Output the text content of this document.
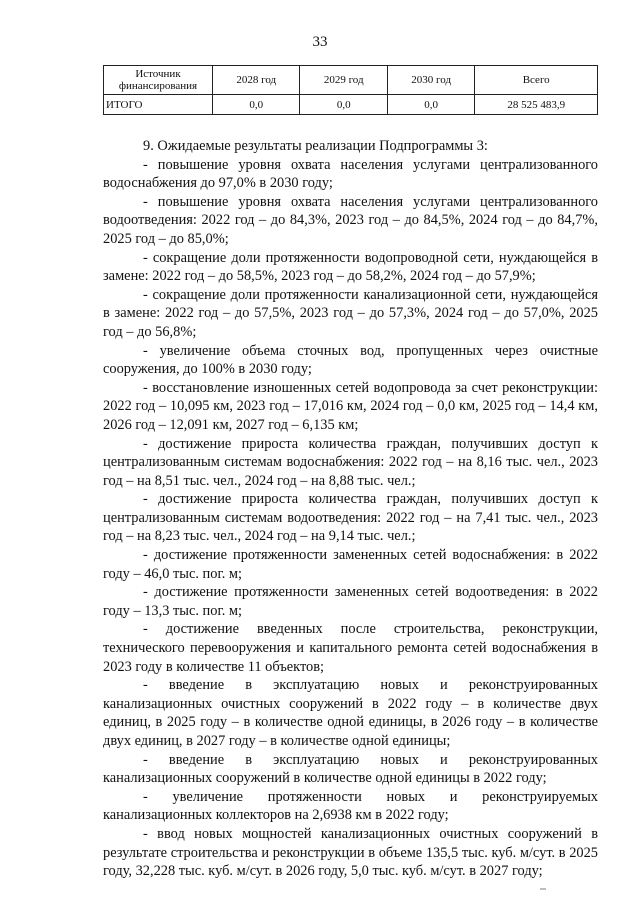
33
Источник финансирования	2028 год	2029 год	2030 год	Всего
ИТОГО	0,0	0,0	0,0	28 525 483,9

9. Ожидаемые результаты реализации Подпрограммы 3:

- повышение уровня охвата населения услугами централизованного водоснабжения до 97,0% в 2030 году;

- повышение уровня охвата населения услугами централизованного водоотведения: 2022 год – до 84,3%, 2023 год – до 84,5%, 2024 год – до 84,7%, 2025 год – до 85,0%;

- сокращение доли протяженности водопроводной сети, нуждающейся в замене: 2022 год – до 58,5%, 2023 год – до 58,2%, 2024 год – до 57,9%;

- сокращение доли протяженности канализационной сети, нуждающейся в замене: 2022 год – до 57,5%, 2023 год – до 57,3%, 2024 год – до 57,0%, 2025 год – до 56,8%;

- увеличение объема сточных вод, пропущенных через очистные сооружения, до 100% в 2030 году;

- восстановление изношенных сетей водопровода за счет реконструкции: 2022 год – 10,095 км, 2023 год – 17,016 км, 2024 год – 0,0 км, 2025 год – 14,4 км, 2026 год – 12,091 км, 2027 год – 6,135 км;

- достижение прироста количества граждан, получивших доступ к централизованным системам водоснабжения: 2022 год – на 8,16 тыс. чел., 2023 год – на 8,51 тыс. чел., 2024 год – на 8,88 тыс. чел.;

- достижение прироста количества граждан, получивших доступ к централизованным системам водоотведения: 2022 год – на 7,41 тыс. чел., 2023 год – на 8,23 тыс. чел., 2024 год – на 9,14 тыс. чел.;

- достижение протяженности замененных сетей водоснабжения: в 2022 году – 46,0 тыс. пог. м;

- достижение протяженности замененных сетей водоотведения: в 2022 году – 13,3 тыс. пог. м;

- достижение введенных после строительства, реконструкции, технического перевооружения и капитального ремонта сетей водоснабжения в 2023 году в количестве 11 объектов;

- введение в эксплуатацию новых и реконструированных канализационных очистных сооружений в 2022 году – в количестве двух единиц, в 2025 году – в количестве одной единицы, в 2026 году – в количестве двух единиц, в 2027 году – в количестве одной единицы;

- введение в эксплуатацию новых и реконструированных канализационных сооружений в количестве одной единицы в 2022 году;

- увеличение протяженности новых и реконструируемых канализационных коллекторов на 2,6938 км в 2022 году;

- ввод новых мощностей канализационных очистных сооружений в результате строительства и реконструкции в объеме 135,5 тыс. куб. м/сут. в 2025 году, 32,228 тыс. куб. м/сут. в 2026 году, 5,0 тыс. куб. м/сут. в 2027 году;
